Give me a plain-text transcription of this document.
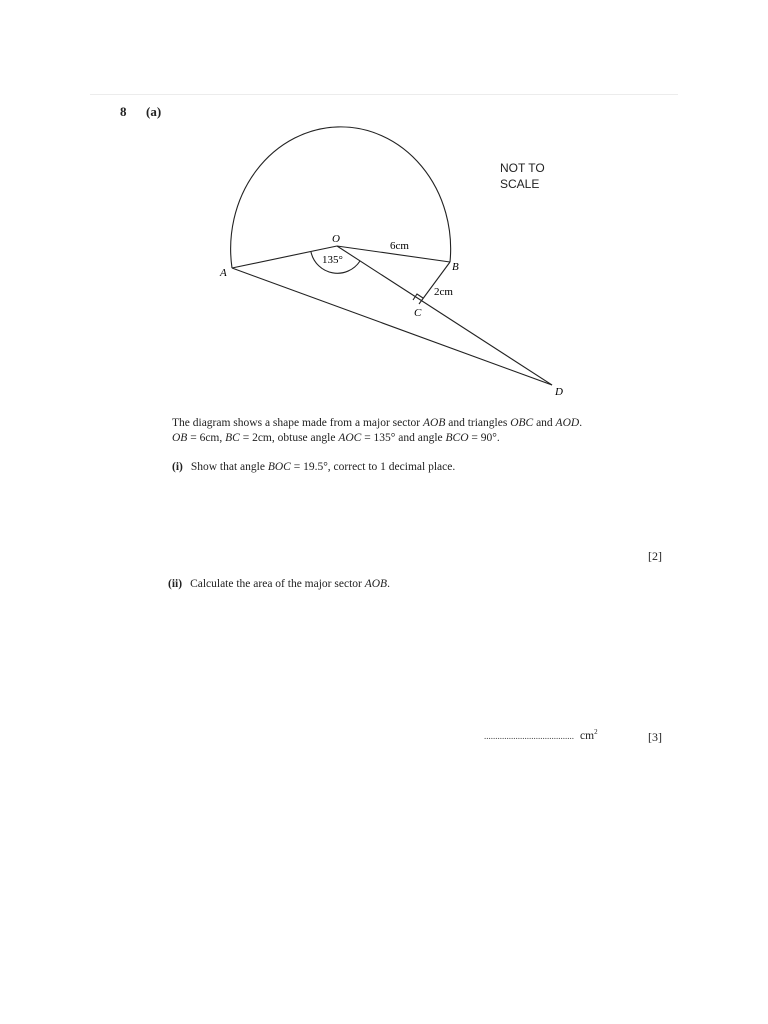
8 (a)
NOT TO
SCALE
O
A	B
C
D
6cm
2cm
135°

The diagram shows a shape made from a major sector AOB and triangles OBC and AOD.

OB = 6cm, BC = 2cm, obtuse angle AOC = 135° and angle BCO = 90°.

(i) Show that angle BOC = 19.5°, correct to 1 decimal place.
[2]
(ii) Calculate the area of the major sector AOB.
........................................ $cm^2$	[3]
